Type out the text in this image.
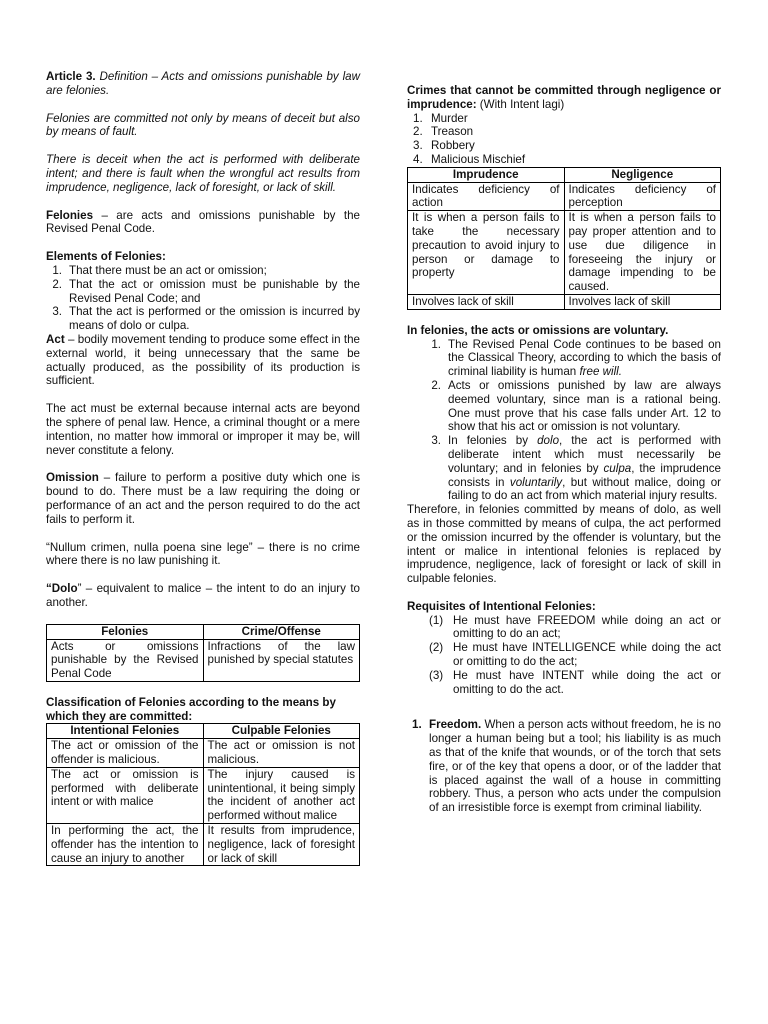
Article 3. Definition – Acts and omissions punishable by law are felonies.

Felonies are committed not only by means of deceit but also by means of fault.

There is deceit when the act is performed with deliberate intent; and there is fault when the wrongful act results from imprudence, negligence, lack of foresight, or lack of skill.

Felonies – are acts and omissions punishable by the Revised Penal Code.

Elements of Felonies:

1. That there must be an act or omission;
2. That the act or omission must be punishable by the Revised Penal Code; and
3. That the act is performed or the omission is incurred by means of dolo or culpa.

Act – bodily movement tending to produce some effect in the external world, it being unnecessary that the same be actually produced, as the possibility of its production is sufficient.

The act must be external because internal acts are beyond the sphere of penal law. Hence, a criminal thought or a mere intention, no matter how immoral or improper it may be, will never constitute a felony.

Omission – failure to perform a positive duty which one is bound to do. There must be a law requiring the doing or performance of an act and the person required to do the act fails to perform it.

“Nullum crimen, nulla poena sine lege” – there is no crime where there is no law punishing it.

“Dolo” – equivalent to malice – the intent to do an injury to another.

Felonies	Crime/Offense
Acts or omissions punishable by the Revised Penal Code	Infractions of the law punished by special statutes

Classification of Felonies according to the means by which they are committed:

Intentional Felonies	Culpable Felonies
The act or omission of the offender is malicious.	The act or omission is not malicious.
The act or omission is performed with deliberate intent or with malice	The injury caused is unintentional, it being simply the incident of another act performed without malice
In performing the act, the offender has the intention to cause an injury to another	It results from imprudence, negligence, lack of foresight or lack of skill

Crimes that cannot be committed through negligence or imprudence: (With Intent lagi)

1. Murder
2. Treason
3. Robbery
4. Malicious Mischief
Imprudence	Negligence
Indicates deficiency of action	Indicates deficiency of perception
It is when a person fails to take the necessary precaution to avoid injury to person or damage to property	It is when a person fails to pay proper attention and to use due diligence in foreseeing the injury or damage impending to be caused.
Involves lack of skill	Involves lack of skill

In felonies, the acts or omissions are voluntary.

1. The Revised Penal Code continues to be based on the Classical Theory, according to which the basis of criminal liability is human free will.
2. Acts or omissions punished by law are always deemed voluntary, since man is a rational being. One must prove that his case falls under Art. 12 to show that his act or omission is not voluntary.
3. In felonies by dolo, the act is performed with deliberate intent which must necessarily be voluntary; and in felonies by culpa, the imprudence consists in voluntarily, but without malice, doing or failing to do an act from which material injury results.

Therefore, in felonies committed by means of dolo, as well as in those committed by means of culpa, the act performed or the omission incurred by the offender is voluntary, but the intent or malice in intentional felonies is replaced by imprudence, negligence, lack of foresight or lack of skill in culpable felonies.

Requisites of Intentional Felonies:

(1) He must have FREEDOM while doing an act or omitting to do an act;
(2) He must have INTELLIGENCE while doing the act or omitting to do the act;
(3) He must have INTENT while doing the act or omitting to do the act.
1. Freedom. When a person acts without freedom, he is no longer a human being but a tool; his liability is as much as that of the knife that wounds, or of the torch that sets fire, or of the key that opens a door, or of the ladder that is placed against the wall of a house in committing robbery. Thus, a person who acts under the compulsion of an irresistible force is exempt from criminal liability.
